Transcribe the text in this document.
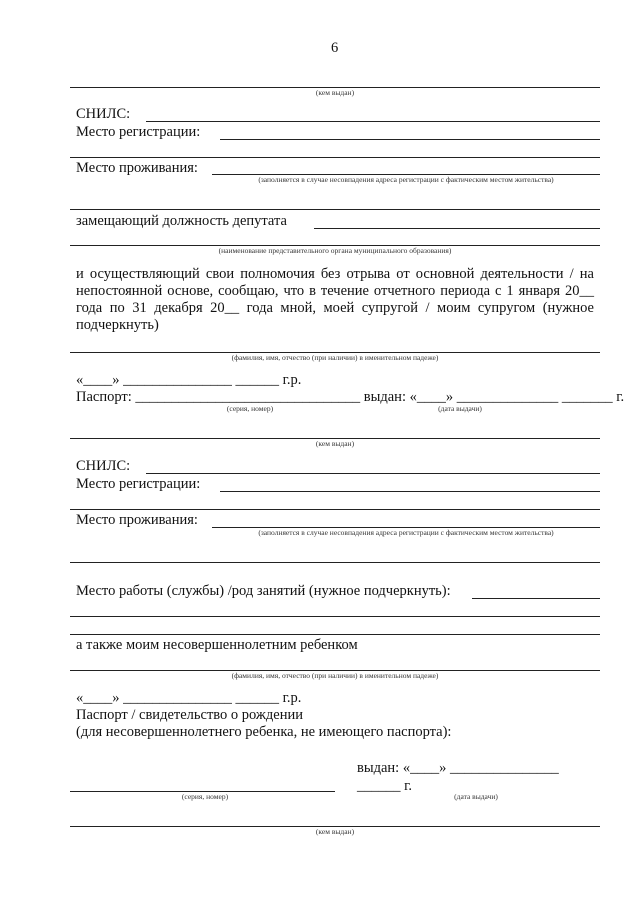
6
(кем выдан)
СНИЛС:
Место регистрации:
Место проживания:
(заполняется в случае несовпадения адреса регистрации с фактическим местом жительства)
замещающий должность депутата
(наименование представительного органа муниципального образования)
и осуществляющий свои полномочия без отрыва от основной деятельности / на непостоянной основе, сообщаю, что в течение отчетного периода с 1 января 20__ года по 31 декабря 20__ года мной, моей супругой / моим супругом (нужное подчеркнуть)
(фамилия, имя, отчество (при наличии) в именительном падеже)
«____» _______________ ______ г.р.
Паспорт: _______________________________ выдан: «____» ______________ _______ г.
(серия, номер)	(дата выдачи)
(кем выдан)
СНИЛС:
Место регистрации:
Место проживания:
(заполняется в случае несовпадения адреса регистрации с фактическим местом жительства)
Место работы (службы) /род занятий (нужное подчеркнуть):
а также моим несовершеннолетним ребенком
(фамилия, имя, отчество (при наличии) в именительном падеже)
«____» _______________ ______ г.р.
Паспорт / свидетельство о рождении
(для несовершеннолетнего ребенка, не имеющего паспорта):
выдан: «____» _______________
______ г.
(серия, номер)	(дата выдачи)
(кем выдан)
